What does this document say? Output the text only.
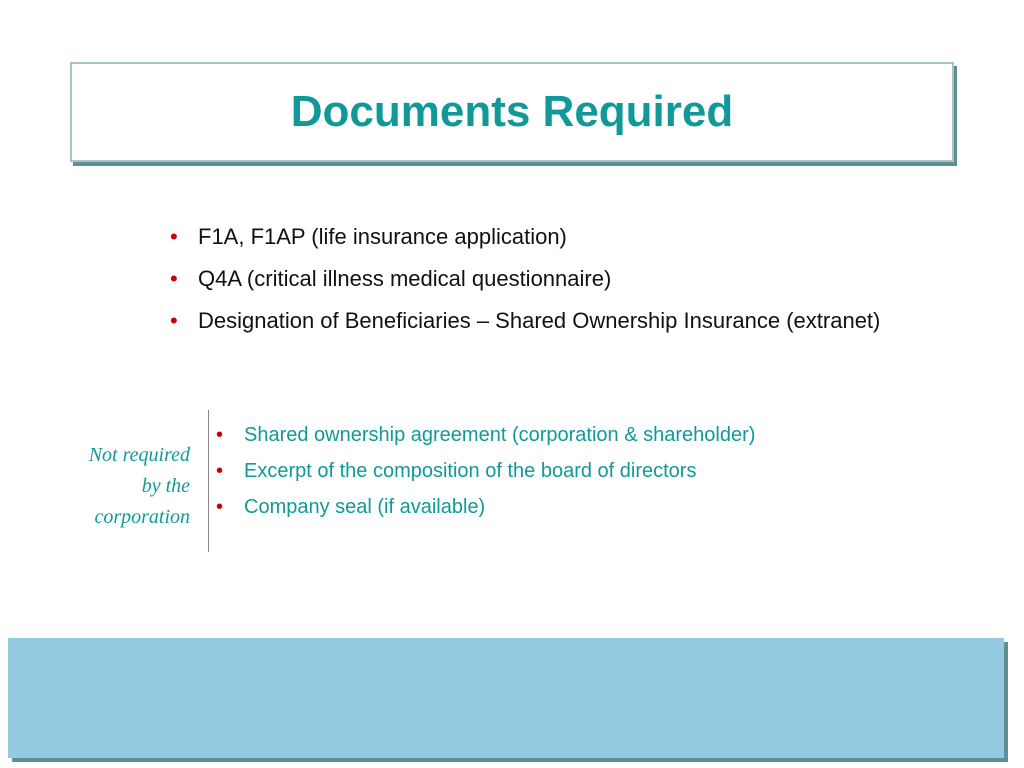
Documents Required
• F1A, F1AP (life insurance application)
• Q4A (critical illness medical questionnaire)
• Designation of Beneficiaries – Shared Ownership Insurance (extranet)
Not required
by the
corporation
• Shared ownership agreement (corporation & shareholder)
• Excerpt of the composition of the board of directors
• Company seal (if available)
